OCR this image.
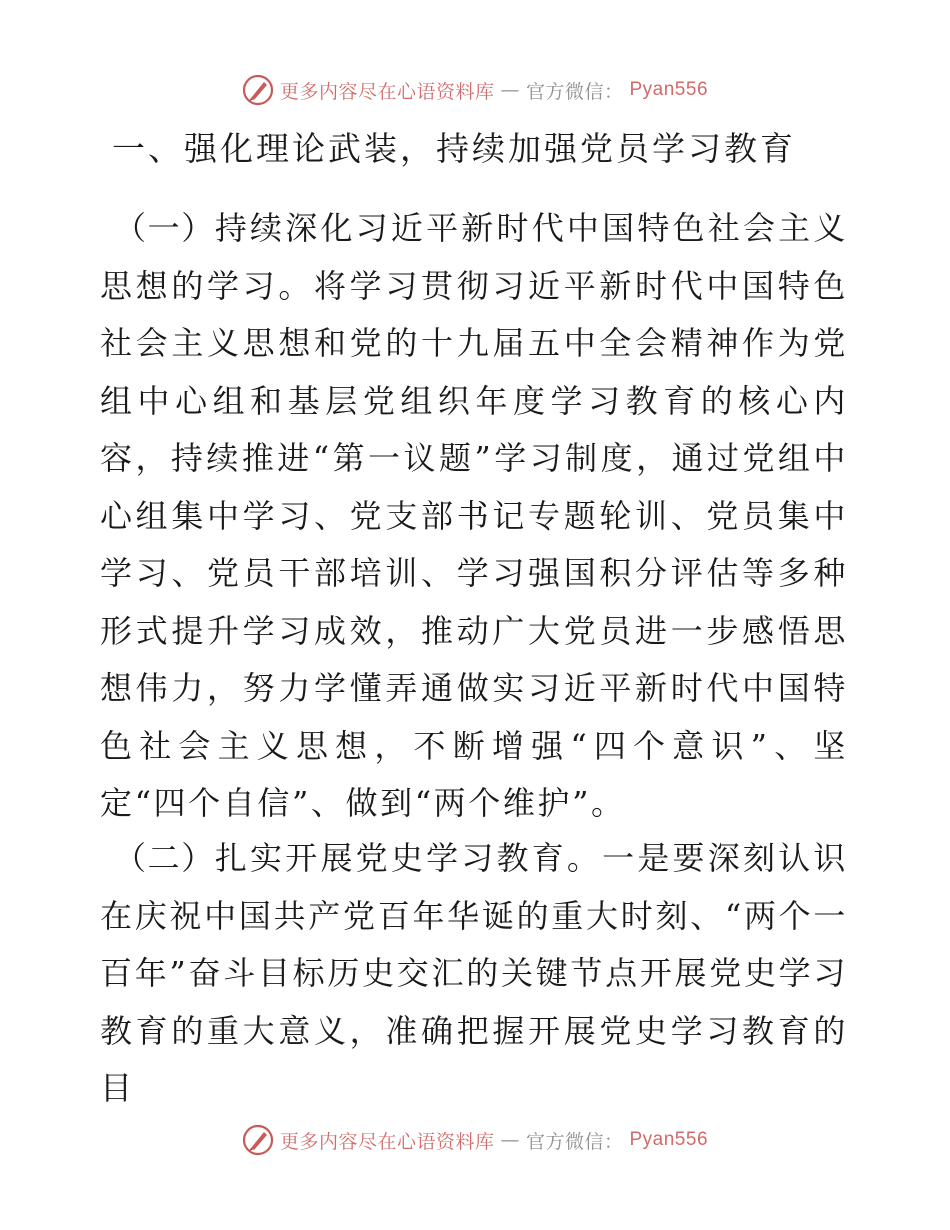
更多内容尽在心语资料库 — 官方微信： Pyan556
一、强化理论武装，持续加强党员学习教育

（一）持续深化习近平新时代中国特色社会主义思想的学习。将学习贯彻习近平新时代中国特色社会主义思想和党的十九届五中全会精神作为党组中心组和基层党组织年度学习教育的核心内容，持续推进“第一议题”学习制度，通过党组中心组集中学习、党支部书记专题轮训、党员集中学习、党员干部培训、学习强国积分评估等多种形式提升学习成效，推动广大党员进一步感悟思想伟力，努力学懂弄通做实习近平新时代中国特色社会主义思想，不断增强“四个意识”、坚定“四个自信”、做到“两个维护”。

（二）扎实开展党史学习教育。一是要深刻认识在庆祝中国共产党百年华诞的重大时刻、“两个一百年”奋斗目标历史交汇的关键节点开展党史学习教育的重大意义，准确把握开展党史学习教育的目

更多内容尽在心语资料库 — 官方微信： Pyan556
